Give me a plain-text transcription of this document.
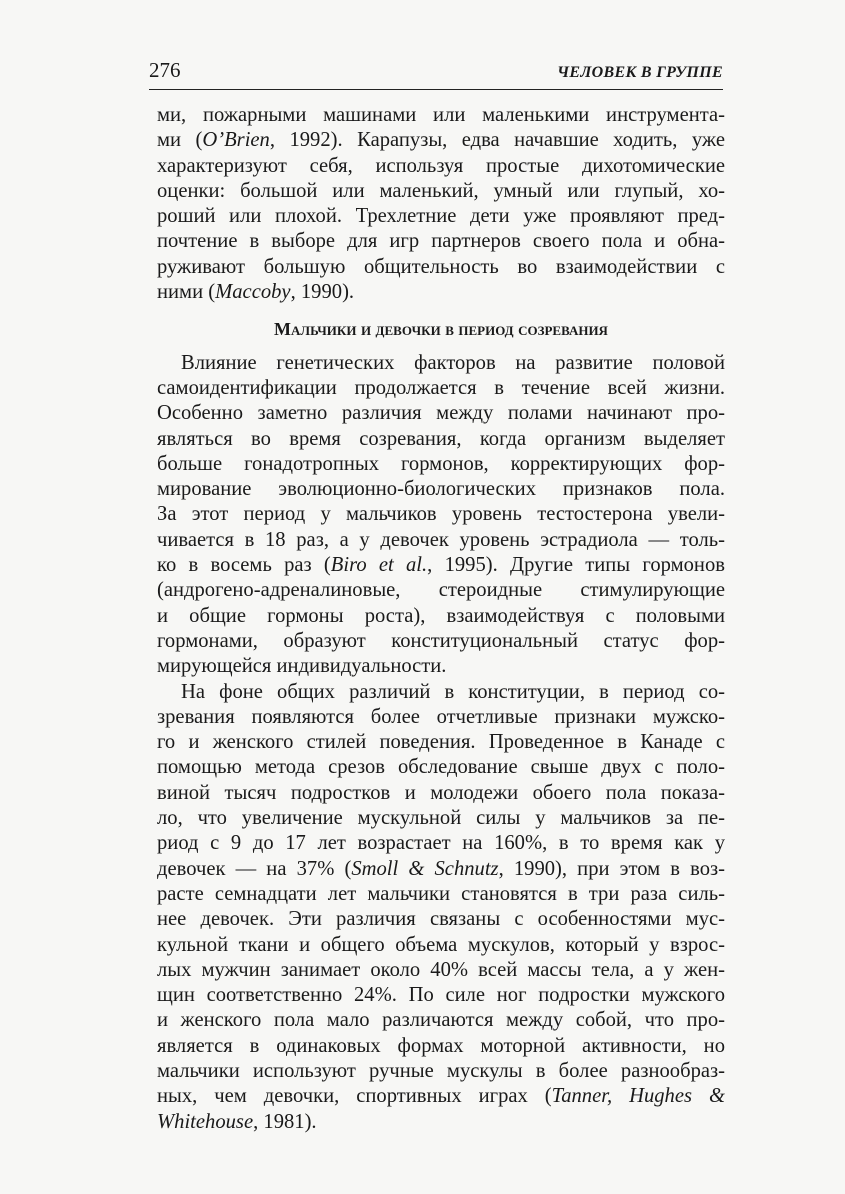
276	ЧЕЛОВЕК В ГРУППЕ
ми, пожарными машинами или маленькими инструмента-
ми (O’Brien, 1992). Карапузы, едва начавшие ходить, уже
характеризуют себя, используя простые дихотомические
оценки: большой или маленький, умный или глупый, хо-
роший или плохой. Трехлетние дети уже проявляют пред-
почтение в выборе для игр партнеров своего пола и обна-
руживают большую общительность во взаимодействии с
ними (Maccoby, 1990).
Мальчики и девочки в период созревания
Влияние генетических факторов на развитие половой
самоидентификации продолжается в течение всей жизни.
Особенно заметно различия между полами начинают про-
являться во время созревания, когда организм выделяет
больше гонадотропных гормонов, корректирующих фор-
мирование эволюционно-биологических признаков пола.
За этот период у мальчиков уровень тестостерона увели-
чивается в 18 раз, а у девочек уровень эстрадиола — толь-
ко в восемь раз (Biro et al., 1995). Другие типы гормонов
(андрогено-адреналиновые, стероидные стимулирующие
и общие гормоны роста), взаимодействуя с половыми
гормонами, образуют конституциональный статус фор-
мирующейся индивидуальности.
На фоне общих различий в конституции, в период со-
зревания появляются более отчетливые признаки мужско-
го и женского стилей поведения. Проведенное в Канаде с
помощью метода срезов обследование свыше двух с поло-
виной тысяч подростков и молодежи обоего пола показа-
ло, что увеличение мускульной силы у мальчиков за пе-
риод с 9 до 17 лет возрастает на 160%, в то время как у
девочек — на 37% (Smoll & Schnutz, 1990), при этом в воз-
расте семнадцати лет мальчики становятся в три раза силь-
нее девочек. Эти различия связаны с особенностями мус-
кульной ткани и общего объема мускулов, который у взрос-
лых мужчин занимает около 40% всей массы тела, а у жен-
щин соответственно 24%. По силе ног подростки мужского
и женского пола мало различаются между собой, что про-
является в одинаковых формах моторной активности, но
мальчики используют ручные мускулы в более разнообраз-
ных, чем девочки, спортивных играх (Tanner, Hughes &
Whitehouse, 1981).
